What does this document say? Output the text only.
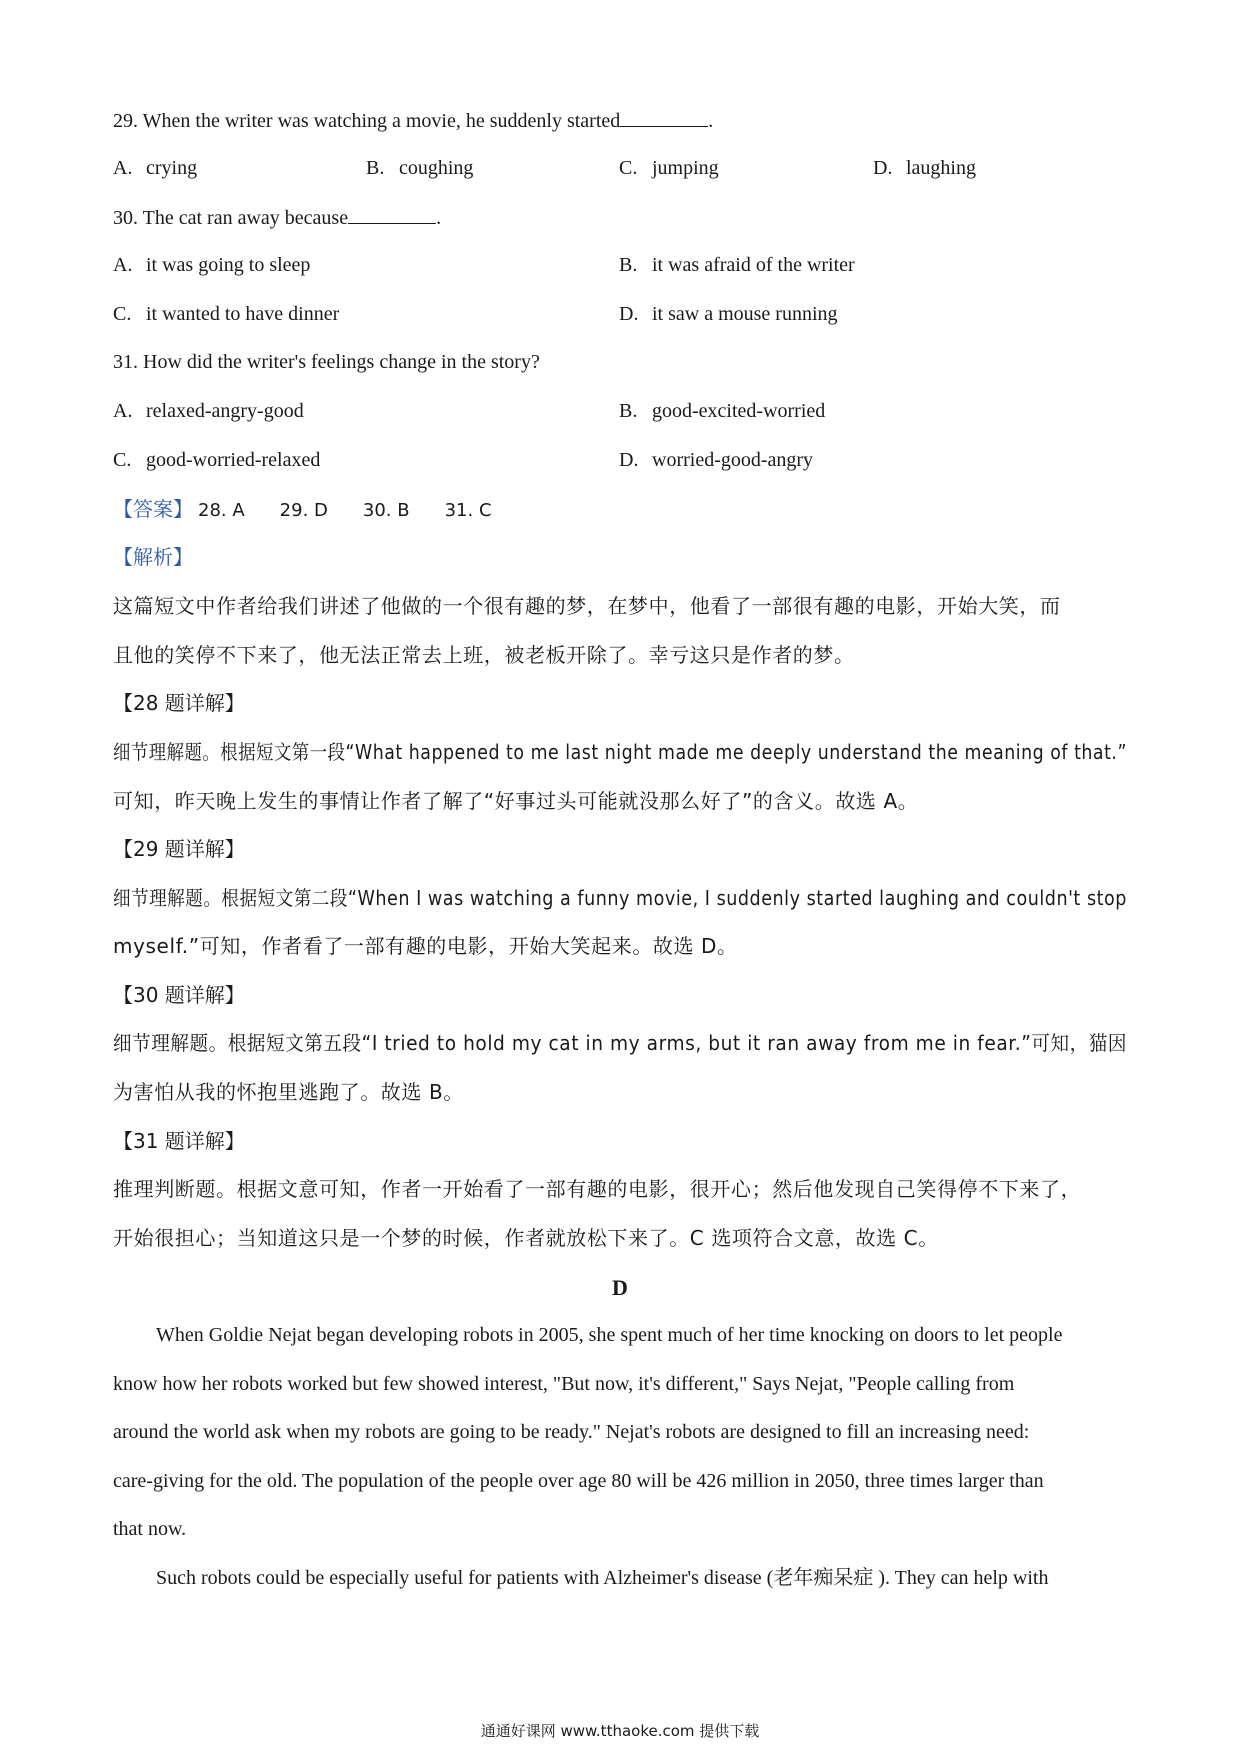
29. When the writer was watching a movie, he suddenly started	.
A. crying	B. coughing	C. jumping	D. laughing
30. The cat ran away because	.
A. it was going to sleep	B. it was afraid of the writer
C. it wanted to have dinner	D. it saw a mouse running
31. How did the writer's feelings change in the story?
A. relaxed-angry-good	B. good-excited-worried
C. good-worried-relaxed	D. worried-good-angry
【答案】 28. A 29. D 30. B 31. C
【解析】
这篇短文中作者给我们讲述了他做的一个很有趣的梦，在梦中，他看了一部很有趣的电影，开始大笑，而
且他的笑停不下来了，他无法正常去上班，被老板开除了。幸亏这只是作者的梦。
【28 题详解】
细节理解题。根据短文第一段“What happened to me last night made me deeply understand the meaning of that.”
可知，昨天晚上发生的事情让作者了解了“好事过头可能就没那么好了”的含义。故选 A。
【29 题详解】
细节理解题。根据短文第二段“When I was watching a funny movie, I suddenly started laughing and couldn't stop
myself.”可知，作者看了一部有趣的电影，开始大笑起来。故选 D。
【30 题详解】
细节理解题。根据短文第五段“I tried to hold my cat in my arms, but it ran away from me in fear.”可知，猫因
为害怕从我的怀抱里逃跑了。故选 B。
【31 题详解】
推理判断题。根据文意可知，作者一开始看了一部有趣的电影，很开心；然后他发现自己笑得停不下来了，
开始很担心；当知道这只是一个梦的时候，作者就放松下来了。C 选项符合文意，故选 C。
D
When Goldie Nejat began developing robots in 2005, she spent much of her time knocking on doors to let people
know how her robots worked but few showed interest, "But now, it's different," Says Nejat, "People calling from
around the world ask when my robots are going to be ready." Nejat's robots are designed to fill an increasing need:
care-giving for the old. The population of the people over age 80 will be 426 million in 2050, three times larger than
that now.
Such robots could be especially useful for patients with Alzheimer's disease (老年痴呆症 ). They can help with
通通好课网 www.tthaoke.com 提供下载
